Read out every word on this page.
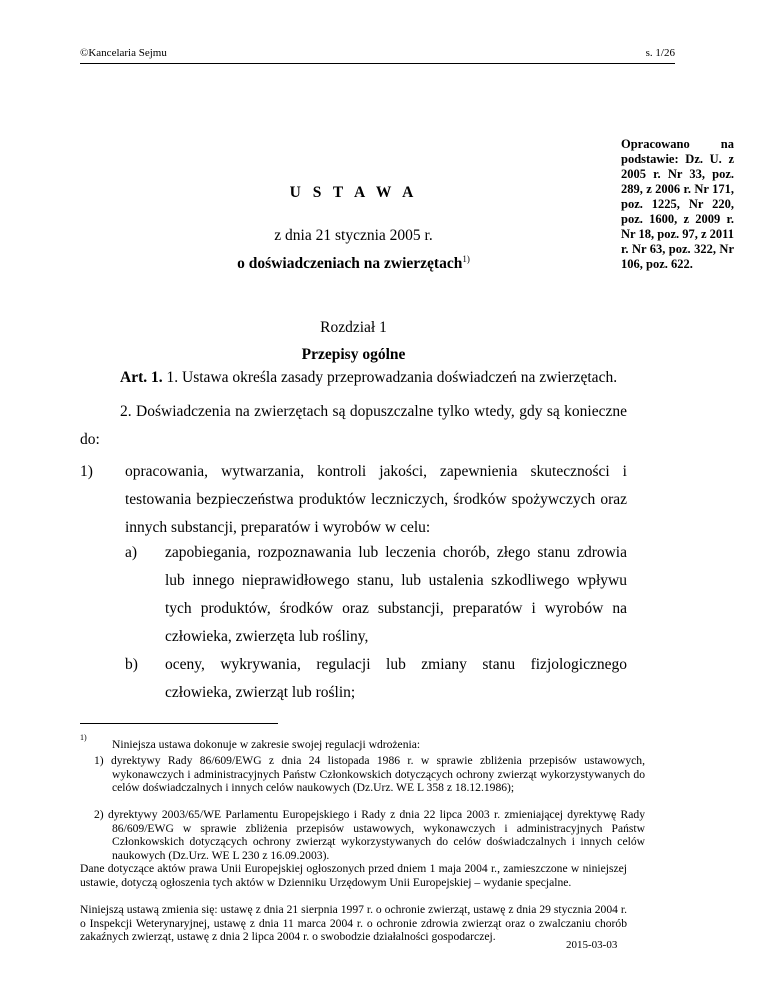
©Kancelaria Sejmu	s. 1/26
Opracowano na podstawie: Dz. U. z 2005 r. Nr 33, poz. 289, z 2006 r. Nr 171, poz. 1225, Nr 220, poz. 1600, z 2009 r. Nr 18, poz. 97, z 2011 r. Nr 63, poz. 322, Nr 106, poz. 622.
U S T A W A
z dnia 21 stycznia 2005 r.
o doświadczeniach na zwierzętach$^{1)}$
Rozdział 1
Przepisy ogólne
Art. 1. 1. Ustawa określa zasady przeprowadzania doświadczeń na zwierzętach.
2. Doświadczenia na zwierzętach są dopuszczalne tylko wtedy, gdy są konieczne do:
1) opracowania, wytwarzania, kontroli jakości, zapewnienia skuteczności i testowania bezpieczeństwa produktów leczniczych, środków spożywczych oraz innych substancji, preparatów i wyrobów w celu:
a) zapobiegania, rozpoznawania lub leczenia chorób, złego stanu zdrowia lub innego nieprawidłowego stanu, lub ustalenia szkodliwego wpływu tych produktów, środków oraz substancji, preparatów i wyrobów na człowieka, zwierzęta lub rośliny,
b) oceny, wykrywania, regulacji lub zmiany stanu fizjologicznego człowieka, zwierząt lub roślin;
1)
Niniejsza ustawa dokonuje w zakresie swojej regulacji wdrożenia:
1) dyrektywy Rady 86/609/EWG z dnia 24 listopada 1986 r. w sprawie zbliżenia przepisów ustawowych, wykonawczych i administracyjnych Państw Członkowskich dotyczących ochrony zwierząt wykorzystywanych do celów doświadczalnych i innych celów naukowych (Dz.Urz. WE L 358 z 18.12.1986);
2) dyrektywy 2003/65/WE Parlamentu Europejskiego i Rady z dnia 22 lipca 2003 r. zmieniającej dyrektywę Rady 86/609/EWG w sprawie zbliżenia przepisów ustawowych, wykonawczych i administracyjnych Państw Członkowskich dotyczących ochrony zwierząt wykorzystywanych do celów doświadczalnych i innych celów naukowych (Dz.Urz. WE L 230 z 16.09.2003).
Dane dotyczące aktów prawa Unii Europejskiej ogłoszonych przed dniem 1 maja 2004 r., zamieszczone w niniejszej ustawie, dotyczą ogłoszenia tych aktów w Dzienniku Urzędowym Unii Europejskiej – wydanie specjalne.
Niniejszą ustawą zmienia się: ustawę z dnia 21 sierpnia 1997 r. o ochronie zwierząt, ustawę z dnia 29 stycznia 2004 r. o Inspekcji Weterynaryjnej, ustawę z dnia 11 marca 2004 r. o ochronie zdrowia zwierząt oraz o zwalczaniu chorób zakaźnych zwierząt, ustawę z dnia 2 lipca 2004 r. o swobodzie działalności gospodarczej.
2015-03-03
